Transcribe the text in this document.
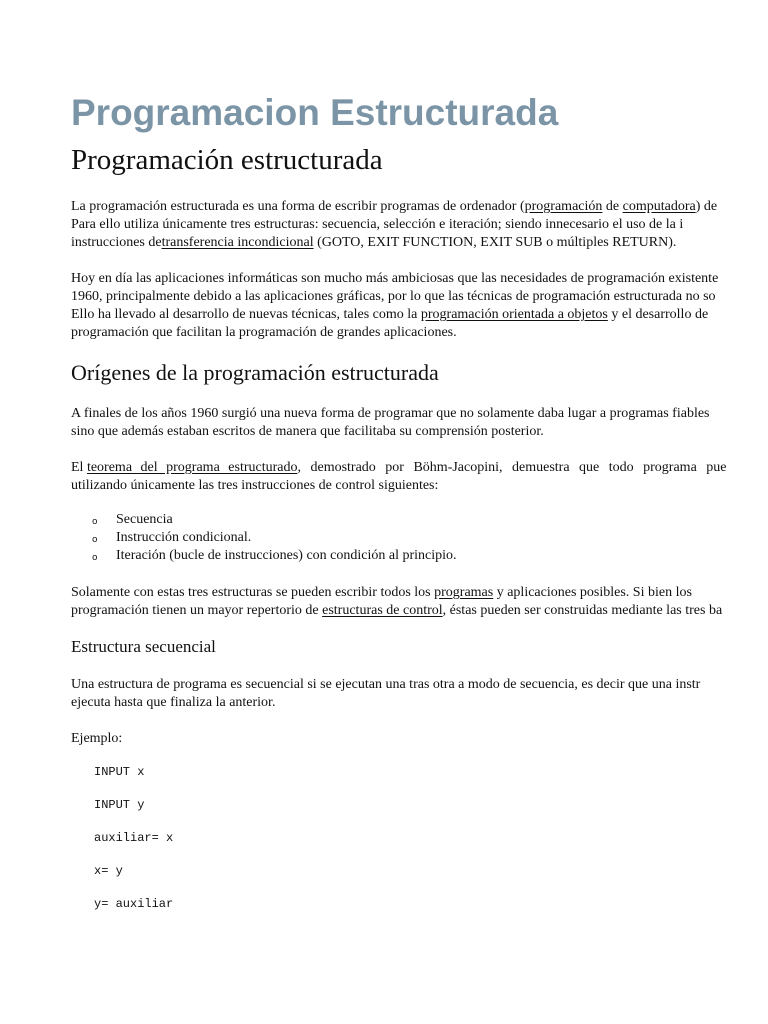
Programacion Estructurada
Programación estructurada
La programación estructurada es una forma de escribir programas de ordenador (programación de computadora) de
Para ello utiliza únicamente tres estructuras: secuencia, selección e iteración; siendo innecesario el uso de la i
instrucciones detransferencia incondicional (GOTO, EXIT FUNCTION, EXIT SUB o múltiples RETURN).
Hoy en día las aplicaciones informáticas son mucho más ambiciosas que las necesidades de programación existente
1960, principalmente debido a las aplicaciones gráficas, por lo que las técnicas de programación estructurada no so
Ello ha llevado al desarrollo de nuevas técnicas, tales como la programación orientada a objetos y el desarrollo de
programación que facilitan la programación de grandes aplicaciones.
Orígenes de la programación estructurada
A finales de los años 1960 surgió una nueva forma de programar que no solamente daba lugar a programas fiables
sino que además estaban escritos de manera que facilitaba su comprensión posterior.
El teorema del programa estructurado, demostrado por Böhm-Jacopini, demuestra que todo programa pue
utilizando únicamente las tres instrucciones de control siguientes:
o Secuencia
o Instrucción condicional.
o Iteración (bucle de instrucciones) con condición al principio.
Solamente con estas tres estructuras se pueden escribir todos los programas y aplicaciones posibles. Si bien los
programación tienen un mayor repertorio de estructuras de control, éstas pueden ser construidas mediante las tres ba
Estructura secuencial
Una estructura de programa es secuencial si se ejecutan una tras otra a modo de secuencia, es decir que una instr
ejecuta hasta que finaliza la anterior.
Ejemplo:
INPUT x
INPUT y
auxiliar= x
x= y
y= auxiliar
